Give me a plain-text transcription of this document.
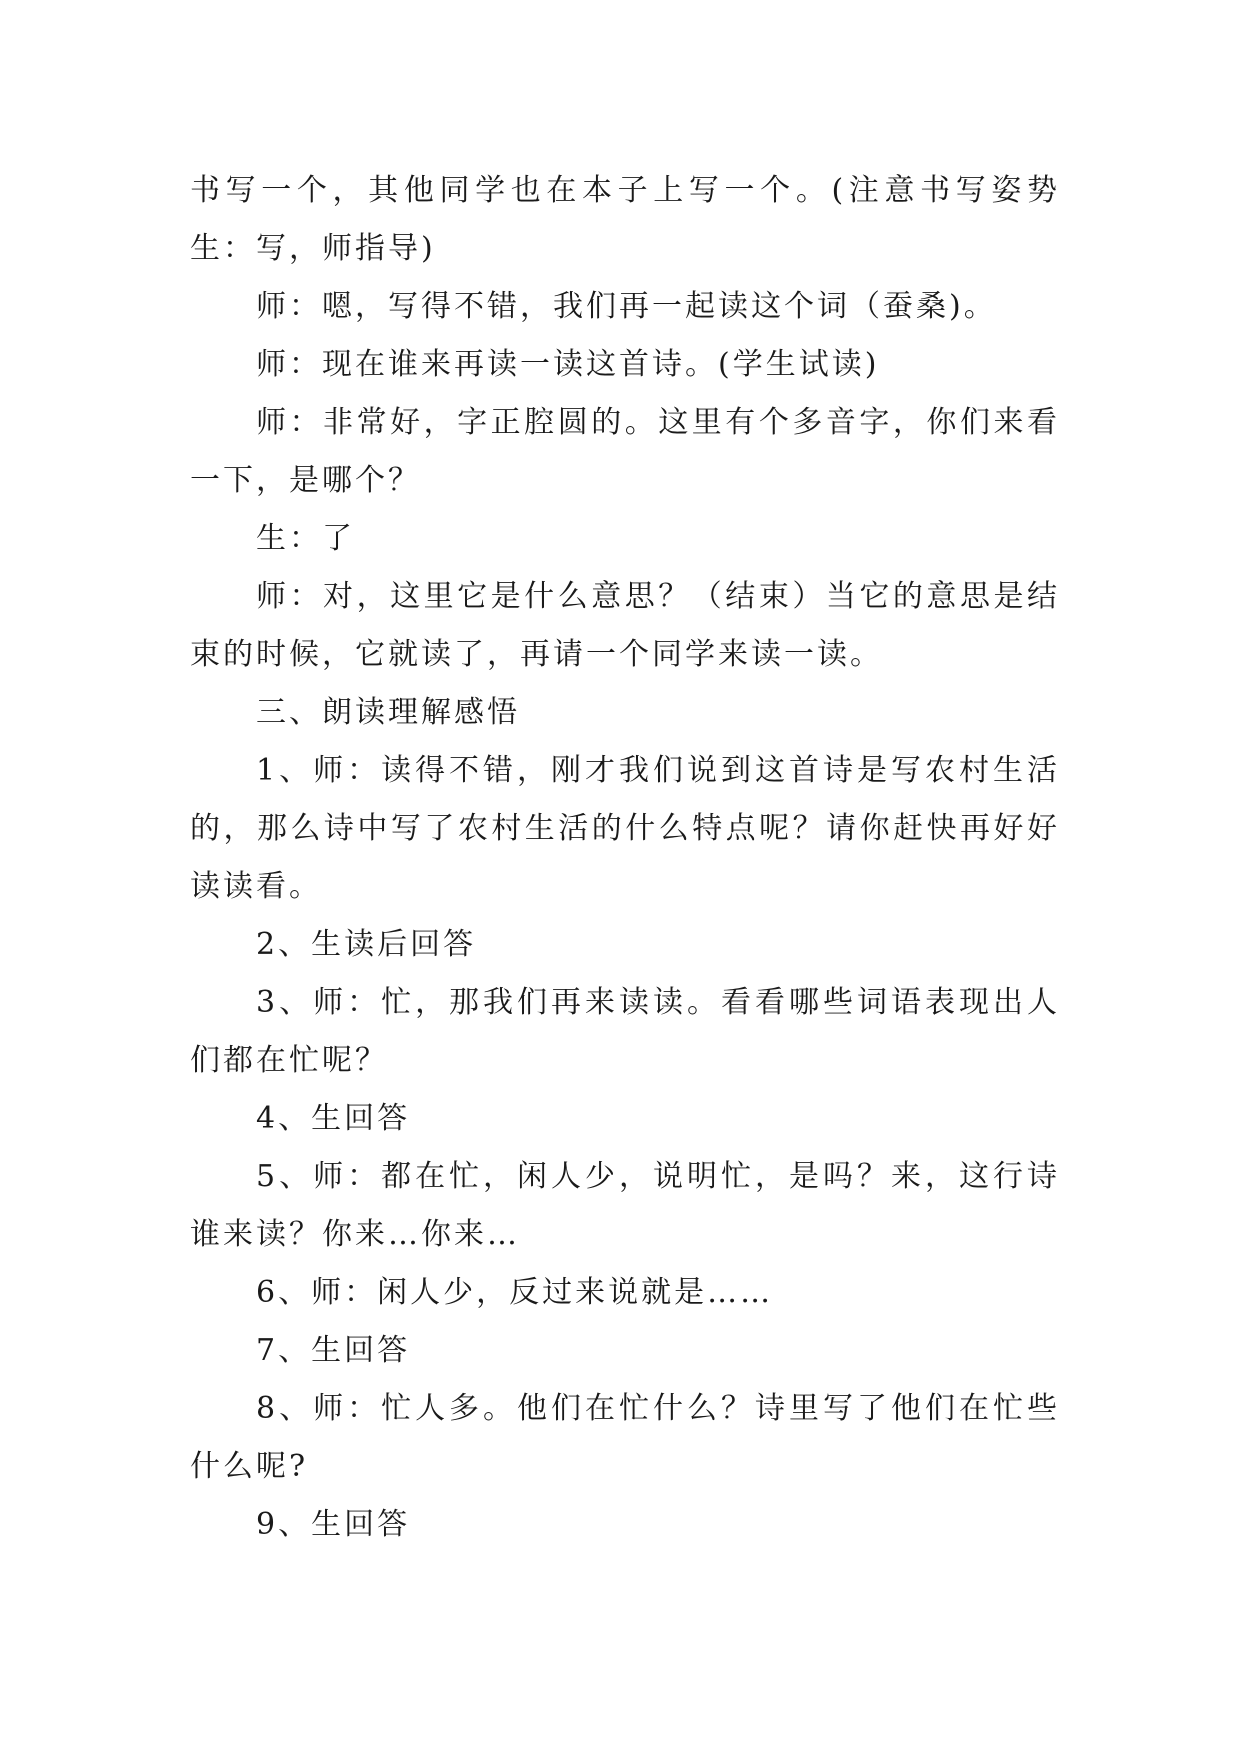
书写一个，其他同学也在本子上写一个。(注意书写姿势生：写，师指导)

师：嗯，写得不错，我们再一起读这个词（蚕桑)。

师：现在谁来再读一读这首诗。(学生试读)

师：非常好，字正腔圆的。这里有个多音字，你们来看一下，是哪个？

生：了

师：对，这里它是什么意思？（结束）当它的意思是结束的时候，它就读了，再请一个同学来读一读。

三、朗读理解感悟

1、师：读得不错，刚才我们说到这首诗是写农村生活的，那么诗中写了农村生活的什么特点呢？请你赶快再好好读读看。

2、生读后回答

3、师：忙，那我们再来读读。看看哪些词语表现出人们都在忙呢？

4、生回答

5、师：都在忙，闲人少，说明忙，是吗？来，这行诗谁来读？你来…你来…

6、师：闲人少，反过来说就是……

7、生回答

8、师：忙人多。他们在忙什么？诗里写了他们在忙些什么呢?

9、生回答
